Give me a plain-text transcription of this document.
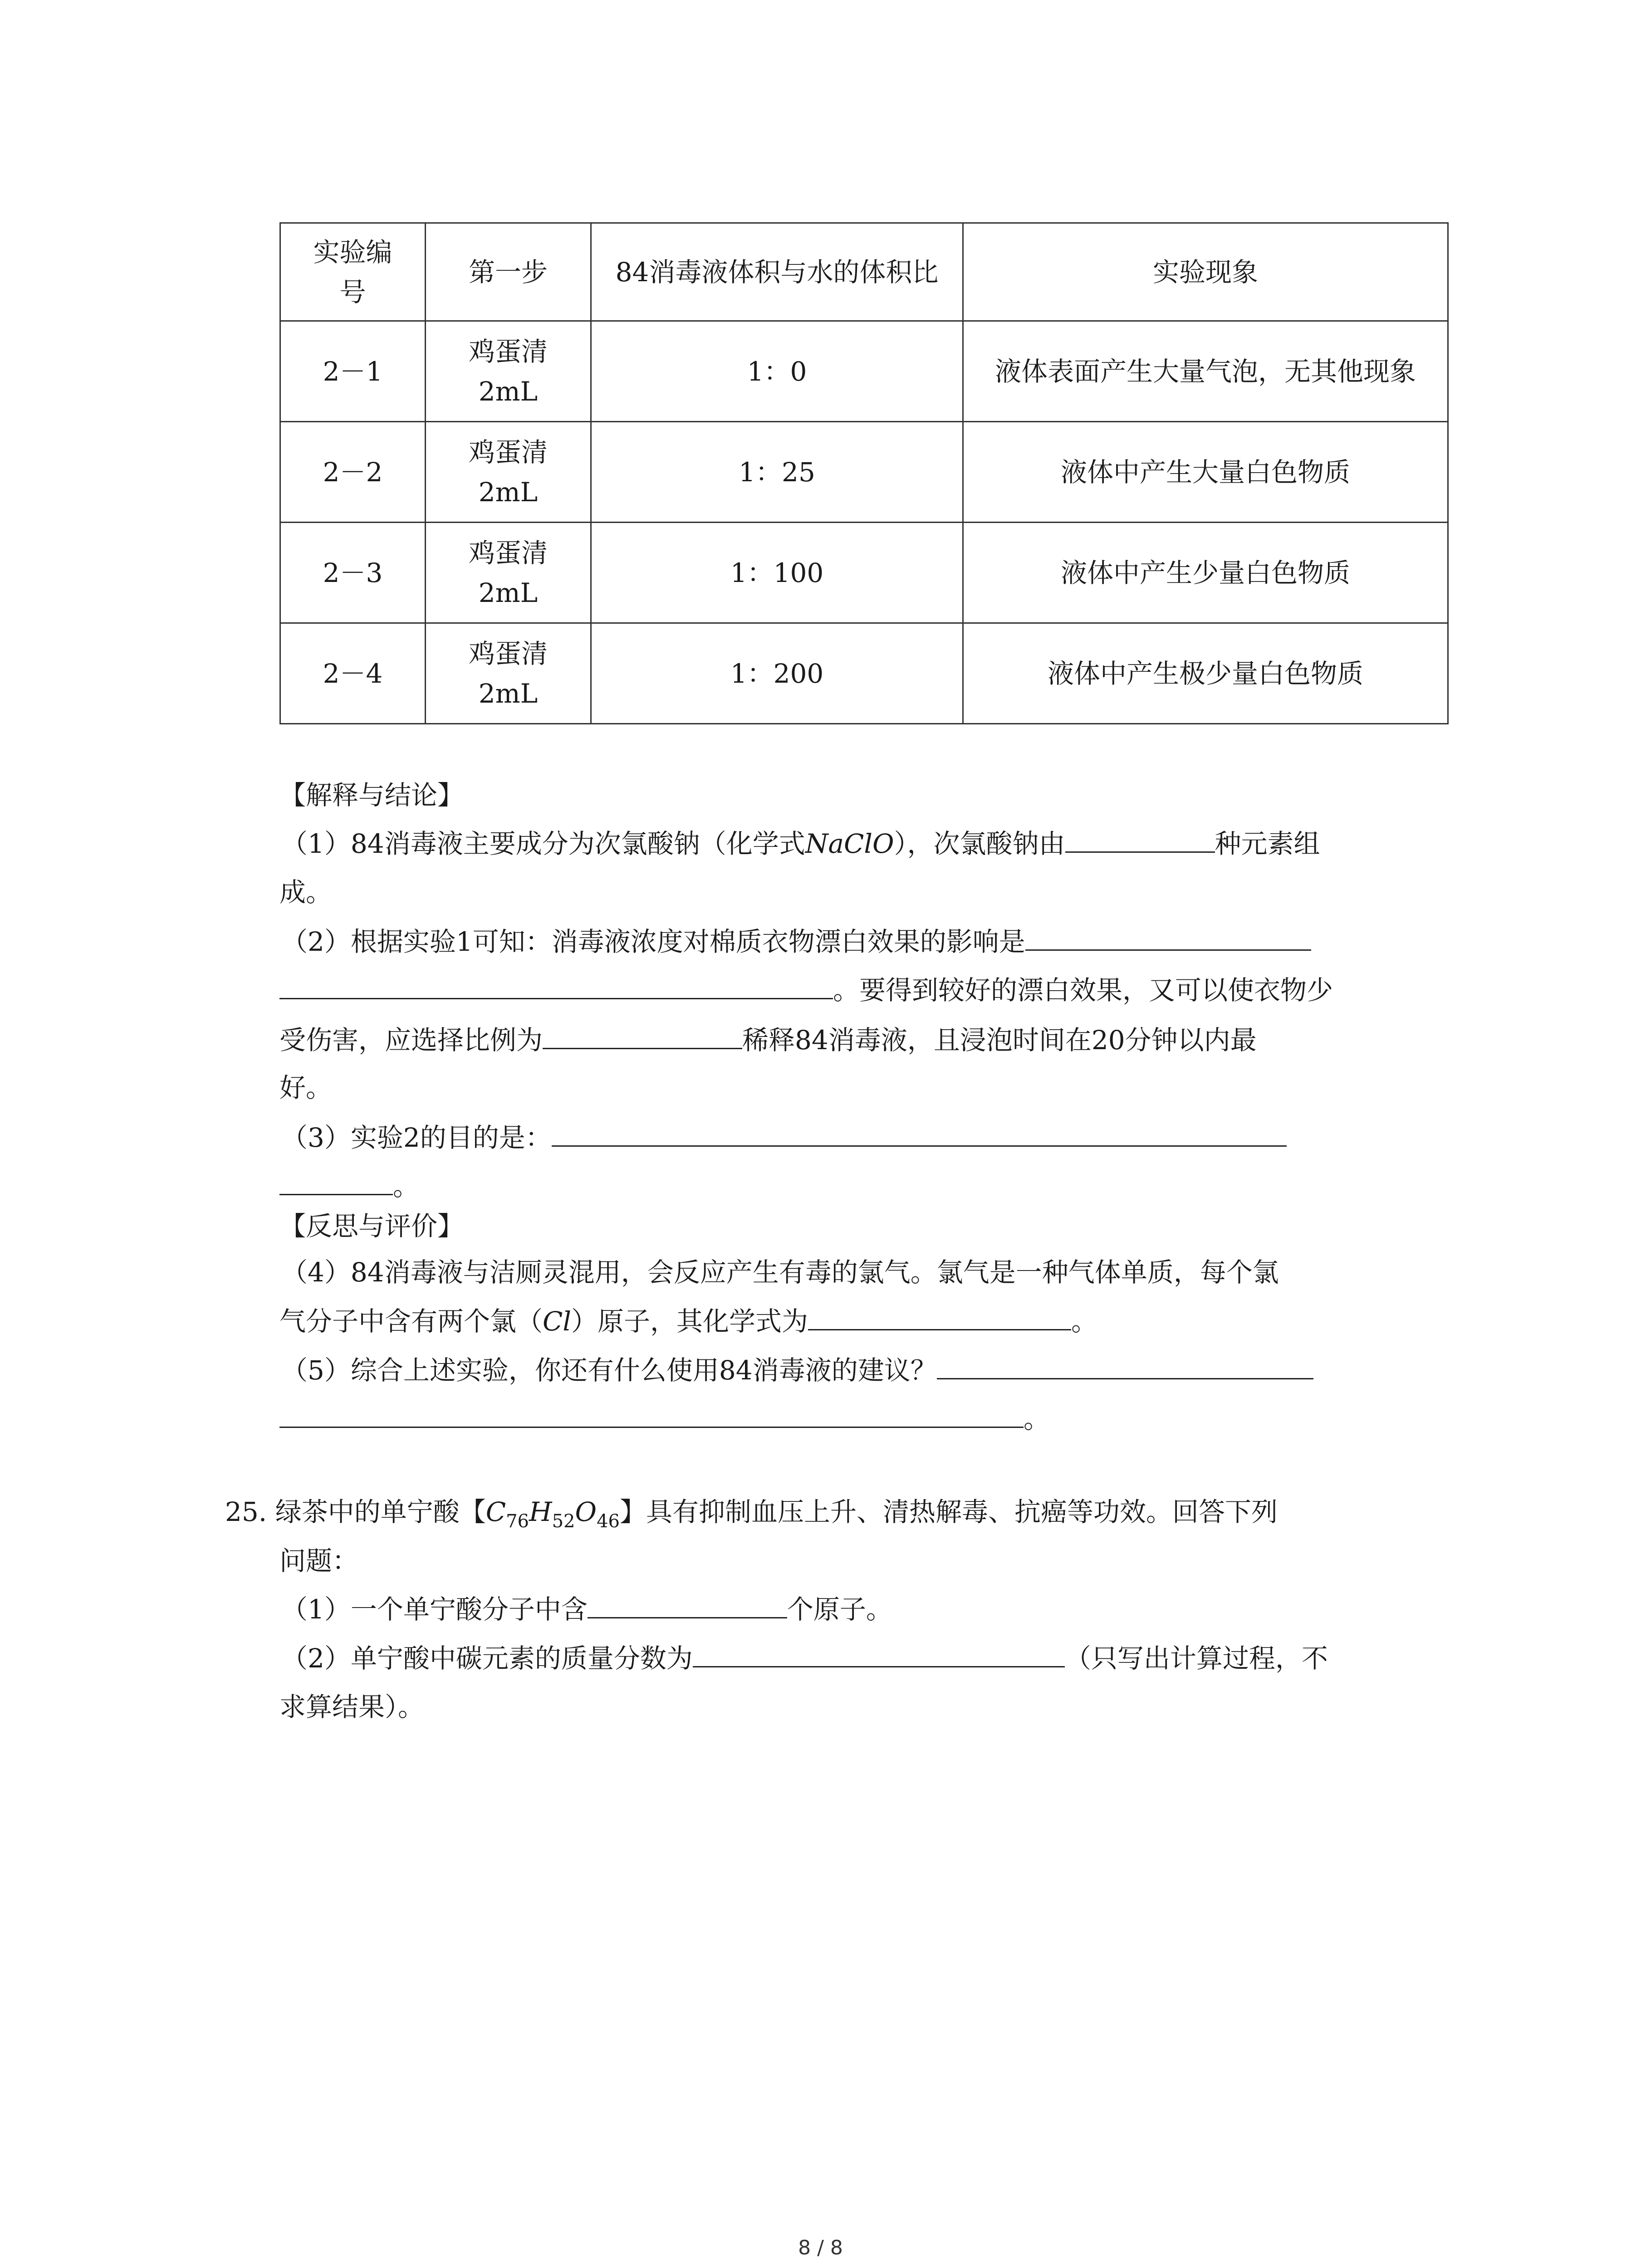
实验编号	第一步	84消毒液体积与水的体积比	实验现象
2－1	鸡蛋清2mL	1：0	液体表面产生大量气泡，无其他现象
2－2	鸡蛋清2mL	1：25	液体中产生大量白色物质
2－3	鸡蛋清2mL	1：100	液体中产生少量白色物质
2－4	鸡蛋清2mL	1：200	液体中产生极少量白色物质
【解释与结论】
（1）84消毒液主要成分为次氯酸钠（化学式NaClO），次氯酸钠由	种元素组
成。
（2）根据实验1可知：消毒液浓度对棉质衣物漂白效果的影响是
。要得到较好的漂白效果，又可以使衣物少
受伤害，应选择比例为	稀释84消毒液，且浸泡时间在20分钟以内最
好。
（3）实验2的目的是：
。
【反思与评价】
（4）84消毒液与洁厕灵混用，会反应产生有毒的氯气。氯气是一种气体单质，每个氯
气分子中含有两个氯（Cl）原子，其化学式为	。
（5）综合上述实验，你还有什么使用84消毒液的建议？
。
25. 绿茶中的单宁酸【$C_{76}H_{52}O_{46}$】具有抑制血压上升、清热解毒、抗癌等功效。回答下列
问题：
（1）一个单宁酸分子中含	个原子。
（2）单宁酸中碳元素的质量分数为	（只写出计算过程，不
求算结果）。
8 / 8
